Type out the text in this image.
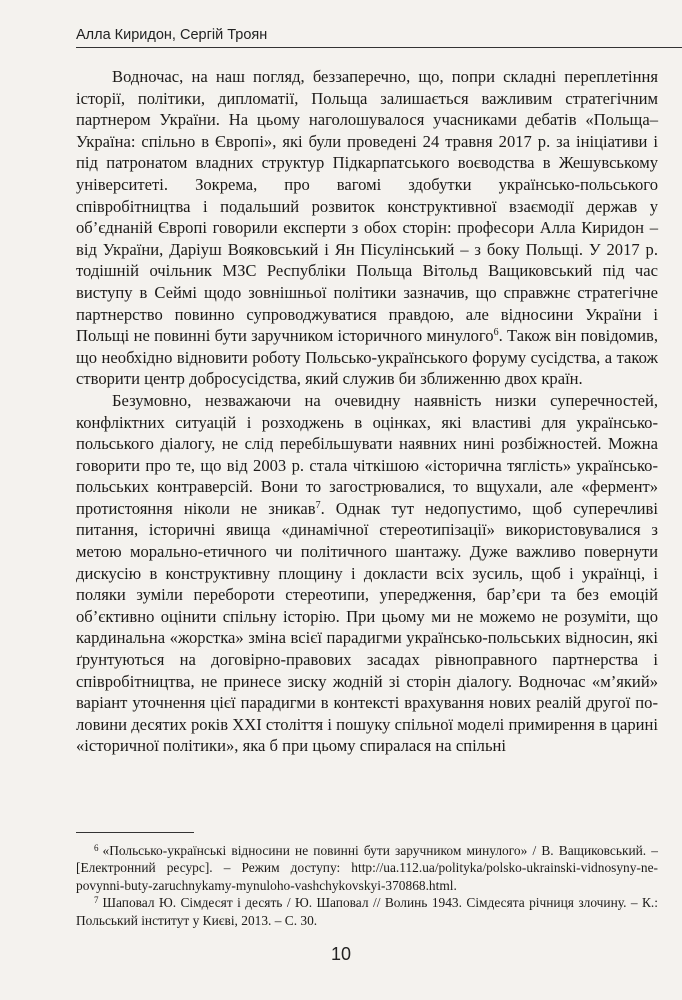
Алла Киридон, Сергій Троян

Водночас, на наш погляд, беззаперечно, що, попри складні переплетіння історії, політики, дипломатії, Польща залишається важливим стратегічним партнером України. На цьому наголошувалося учасниками дебатів «Польща–Україна: спільно в Європі», які були проведені 24 травня 2017 р. за ініціативи і під патронатом владних структур Підкарпатського воєводства в Жешувському університеті. Зокрема, про вагомі здобутки українсько-польського співробітництва і подальший розвиток конструктивної взаємодії держав у об’єднаній Європі говорили експерти з обох сторін: професори Алла Киридон – від України, Даріуш Вояковський і Ян Пісулінський – з боку Польщі. У 2017 р. тодішній очільник МЗС Республіки Польща Вітольд Ващиковський під час виступу в Сеймі щодо зовнішньої політики зазначив, що справжнє стратегічне партнерство повинно супроводжуватися правдою, але відносини України і Польщі не повинні бути заручником історичного минулого$^6$. Також він повідомив, що необхідно відновити роботу Польсько-українського форуму сусідства, а також створити центр добросусідства, який служив би зближенню двох країн.

Безумовно, незважаючи на очевидну наявність низки суперечностей, конфліктних ситуацій і розходжень в оцінках, які властиві для українсько-польського діалогу, не слід перебільшувати наявних нині розбіжностей. Можна говорити про те, що від 2003 р. стала чіткішою «історична тяглість» українсько-польських контраверсій. Вони то загострювалися, то вщухали, але «фермент» протистояння ніколи не зникав$^7$. Однак тут недопустимо, щоб суперечливі питання, історичні явища «динамічної стереотипізації» використовувалися з метою морально-етичного чи політичного шантажу. Дуже важливо повернути дискусію в конструктивну площину і докласти всіх зусиль, щоб і українці, і поляки зуміли перебороти стереотипи, упередження, бар’єри та без емоцій об’єктивно оцінити спільну історію. При цьому ми не можемо не розуміти, що кардинальна «жорстка» зміна всієї парадигми українсько-польських відносин, які ґрунтуються на договірно-правових засадах рівноправного партнерства і співробітництва, не принесе зиску жодній зі сторін діалогу. Водночас «м’який» варіант уточнення цієї парадигми в контексті врахування нових реалій другої половини десятих років XXI століття і пошуку спільної моделі примирення в царині «історичної політики», яка б при цьому спиралася на спільні

$^6$ «Польсько-українські відносини не повинні бути заручником минулого» / В. Ващиковський. – [Електронний ресурс]. – Режим доступу: http://ua.112.ua/polityka/polsko-ukrainski-vidnosyny-ne-povynni-buty-zaruchnykamy-mynuloho-vashchykovskyi-370868.html.

$^7$ Шаповал Ю. Сімдесят і десять / Ю. Шаповал // Волинь 1943. Сімдесята річниця злочину. – К.: Польський інститут у Києві, 2013. – С. 30.

10
